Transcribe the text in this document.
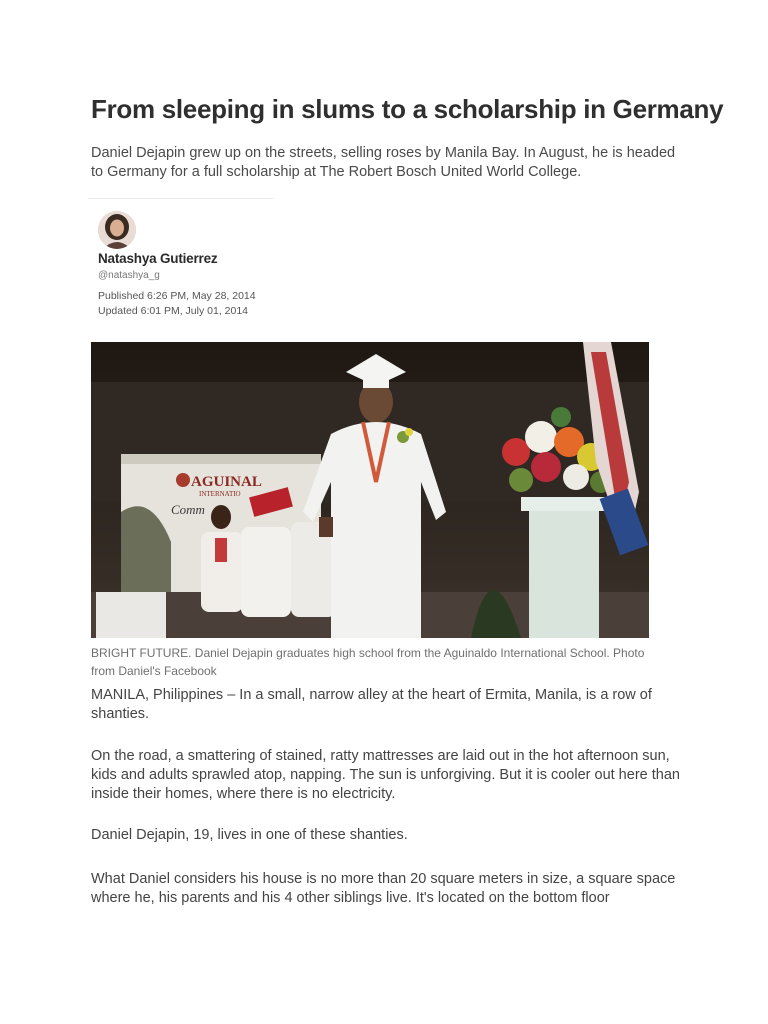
From sleeping in slums to a scholarship in Germany

Daniel Dejapin grew up on the streets, selling roses by Manila Bay. In August, he is headed to Germany for a full scholarship at The Robert Bosch United World College.

Natashya Gutierrez
@natashya_g
Published 6:26 PM, May 28, 2014
Updated 6:01 PM, July 01, 2014
AGUINAL
INTERNATIO
Comm

BRIGHT FUTURE. Daniel Dejapin graduates high school from the Aguinaldo International School. Photo from Daniel's Facebook

MANILA, Philippines – In a small, narrow alley at the heart of Ermita, Manila, is a row of shanties.

On the road, a smattering of stained, ratty mattresses are laid out in the hot afternoon sun, kids and adults sprawled atop, napping. The sun is unforgiving. But it is cooler out here than inside their homes, where there is no electricity.

Daniel Dejapin, 19, lives in one of these shanties.

What Daniel considers his house is no more than 20 square meters in size, a square space where he, his parents and his 4 other siblings live. It's located on the bottom floor
